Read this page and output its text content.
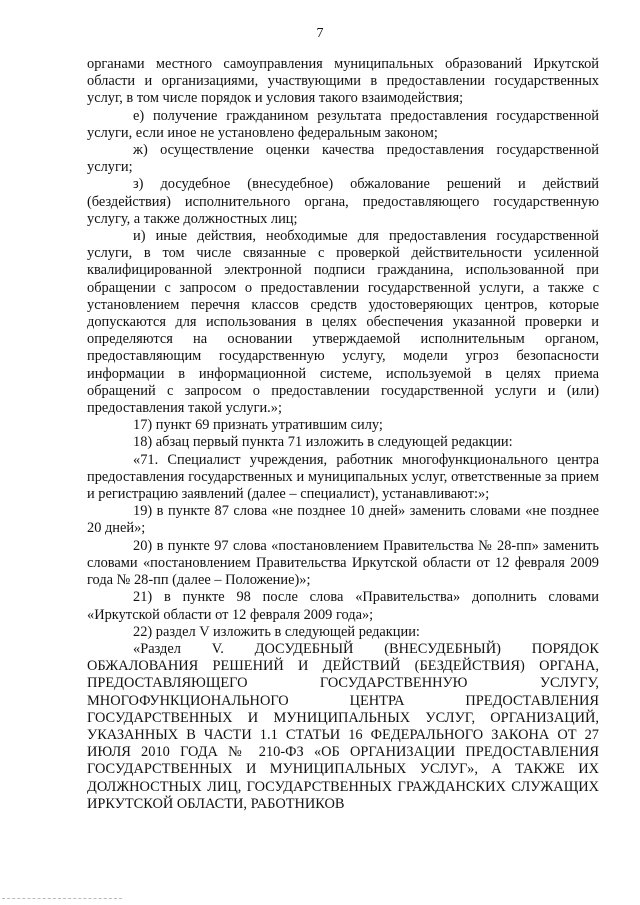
7

органами местного самоуправления муниципальных образований Иркутской области и организациями, участвующими в предоставлении государственных услуг, в том числе порядок и условия такого взаимодействия;

е) получение гражданином результата предоставления государственной услуги, если иное не установлено федеральным законом;

ж) осуществление оценки качества предоставления государственной услуги;

з) досудебное (внесудебное) обжалование решений и действий (бездействия) исполнительного органа, предоставляющего государственную услугу, а также должностных лиц;

и) иные действия, необходимые для предоставления государственной услуги, в том числе связанные с проверкой действительности усиленной квалифицированной электронной подписи гражданина, использованной при обращении с запросом о предоставлении государственной услуги, а также с установлением перечня классов средств удостоверяющих центров, которые допускаются для использования в целях обеспечения указанной проверки и определяются на основании утверждаемой исполнительным органом, предоставляющим государственную услугу, модели угроз безопасности информации в информационной системе, используемой в целях приема обращений с запросом о предоставлении государственной услуги и (или) предоставления такой услуги.»;

17) пункт 69 признать утратившим силу;

18) абзац первый пункта 71 изложить в следующей редакции:

«71. Специалист учреждения, работник многофункционального центра предоставления государственных и муниципальных услуг, ответственные за прием и регистрацию заявлений (далее – специалист), устанавливают:»;

19) в пункте 87 слова «не позднее 10 дней» заменить словами «не позднее 20 дней»;

20) в пункте 97 слова «постановлением Правительства № 28-пп» заменить словами «постановлением Правительства Иркутской области от 12 февраля 2009 года № 28-пп (далее – Положение)»;

21) в пункте 98 после слова «Правительства» дополнить словами «Иркутской области от 12 февраля 2009 года»;

22) раздел V изложить в следующей редакции:

«Раздел V. ДОСУДЕБНЫЙ (ВНЕСУДЕБНЫЙ) ПОРЯДОК ОБЖАЛОВАНИЯ РЕШЕНИЙ И ДЕЙСТВИЙ (БЕЗДЕЙСТВИЯ) ОРГАНА, ПРЕДОСТАВЛЯЮЩЕГО ГОСУДАРСТВЕННУЮ УСЛУГУ, МНОГОФУНКЦИОНАЛЬНОГО ЦЕНТРА ПРЕДОСТАВЛЕНИЯ ГОСУДАРСТВЕННЫХ И МУНИЦИПАЛЬНЫХ УСЛУГ, ОРГАНИЗАЦИЙ, УКАЗАННЫХ В ЧАСТИ 1.1 СТАТЬИ 16 ФЕДЕРАЛЬНОГО ЗАКОНА ОТ 27 ИЮЛЯ 2010 ГОДА № 210-ФЗ «ОБ ОРГАНИЗАЦИИ ПРЕДОСТАВЛЕНИЯ ГОСУДАРСТВЕННЫХ И МУНИЦИПАЛЬНЫХ УСЛУГ», А ТАКЖЕ ИХ ДОЛЖНОСТНЫХ ЛИЦ, ГОСУДАРСТВЕННЫХ ГРАЖДАНСКИХ СЛУЖАЩИХ ИРКУТСКОЙ ОБЛАСТИ, РАБОТНИКОВ
